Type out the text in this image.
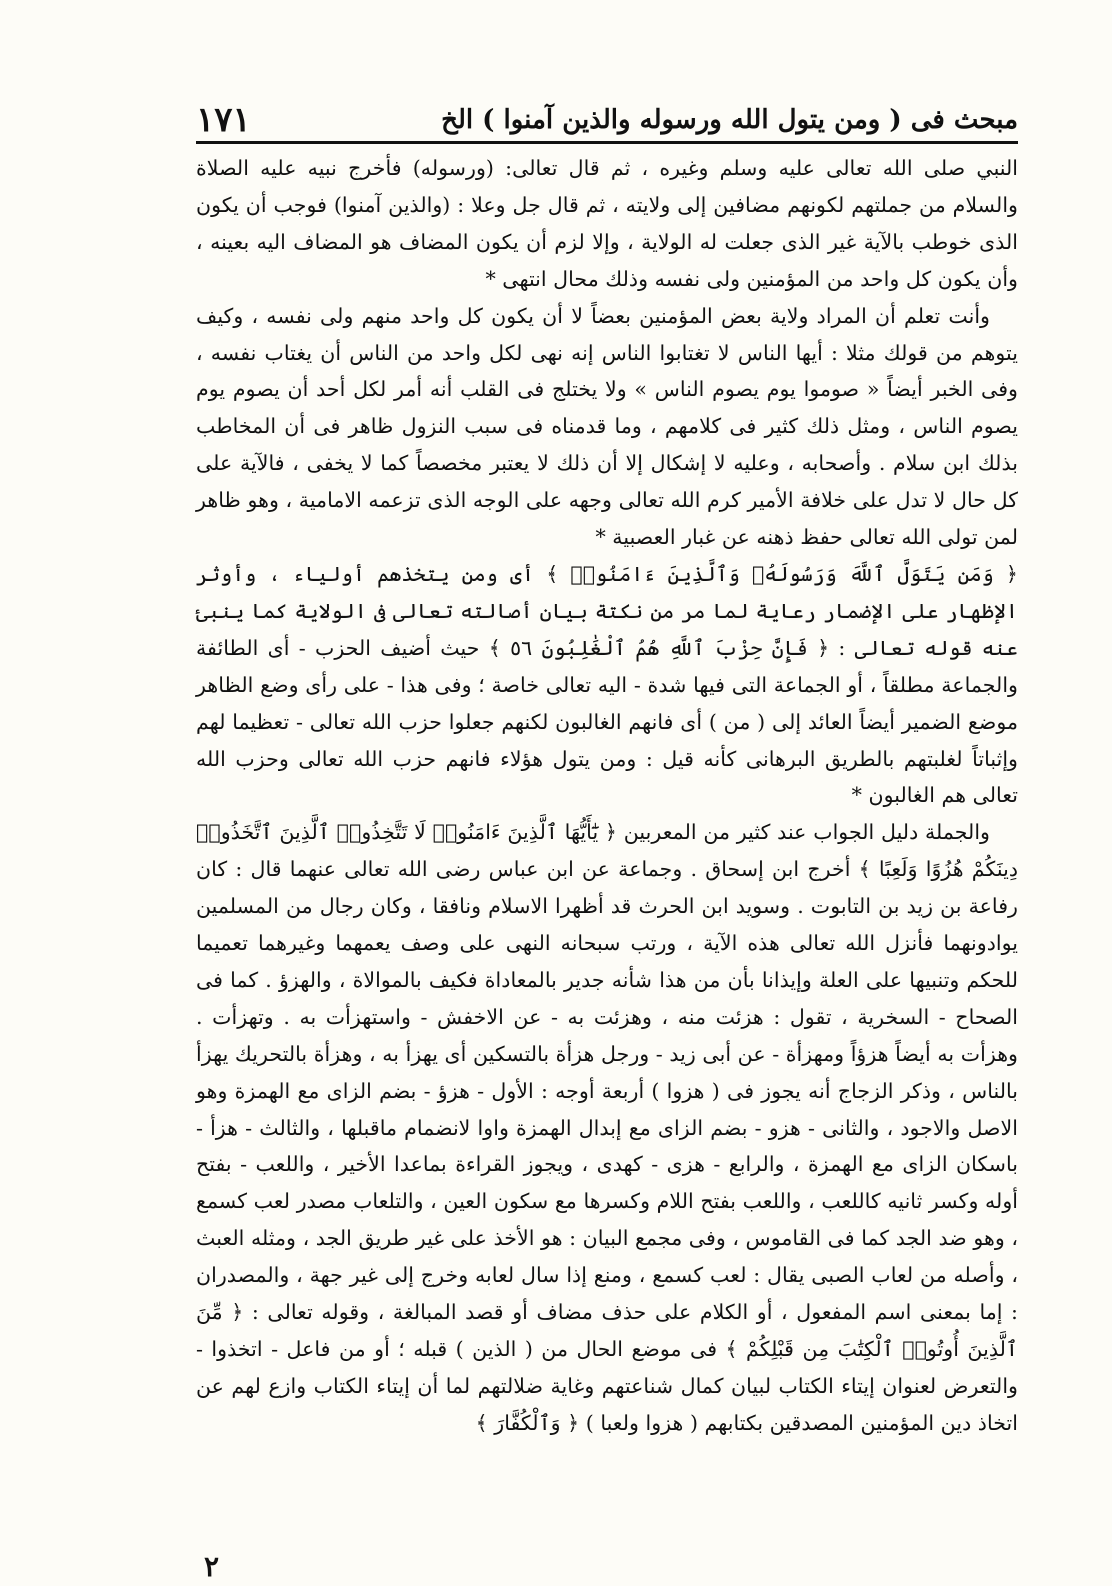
مبحث فى ( ومن يتول الله ورسوله والذين آمنوا ) الخ
١٧١

النبي صلى الله تعالى عليه وسلم وغيره ، ثم قال تعالى: (ورسوله) فأخرج نبيه عليه الصلاة والسلام من جملتهم لكونهم مضافين إلى ولايته ، ثم قال جل وعلا : (والذين آمنوا) فوجب أن يكون الذى خوطب بالآية غير الذى جعلت له الولاية ، وإلا لزم أن يكون المضاف هو المضاف اليه بعينه ، وأن يكون كل واحد من المؤمنين ولى نفسه وذلك محال انتهى *

وأنت تعلم أن المراد ولاية بعض المؤمنين بعضاً لا أن يكون كل واحد منهم ولى نفسه ، وكيف يتوهم من قولك مثلا : أيها الناس لا تغتابوا الناس إنه نهى لكل واحد من الناس أن يغتاب نفسه ، وفى الخبر أيضاً « صوموا يوم يصوم الناس » ولا يختلج فى القلب أنه أمر لكل أحد أن يصوم يوم يصوم الناس ، ومثل ذلك كثير فى كلامهم ، وما قدمناه فى سبب النزول ظاهر فى أن المخاطب بذلك ابن سلام . وأصحابه ، وعليه لا إشكال إلا أن ذلك لا يعتبر مخصصاً كما لا يخفى ، فالآية على كل حال لا تدل على خلافة الأمير كرم الله تعالى وجهه على الوجه الذى تزعمه الامامية ، وهو ظاهر لمن تولى الله تعالى حفظ ذهنه عن غبار العصبية *

﴿ وَمَن يَتَوَلَّ ٱللَّهَ وَرَسُولَهُۥ وَٱلَّذِينَ ءَامَنُوا۟ ﴾ أى ومن يتخذهم أولياء ، وأوثر الإظهار على الإضمار رعاية لما مر من نكتة بيان أصالته تعالى فى الولاية كما ينبئ عنه قوله تعالى : ﴿ فَإِنَّ حِزْبَ ٱللَّهِ هُمُ ٱلْغَٰلِبُونَ ٥٦ ﴾ حيث أضيف الحزب - أى الطائفة والجماعة مطلقاً ، أو الجماعة التى فيها شدة - اليه تعالى خاصة ؛ وفى هذا - على رأى وضع الظاهر موضع الضمير أيضاً العائد إلى ( من ) أى فانهم الغالبون لكنهم جعلوا حزب الله تعالى - تعظيما لهم وإثباتاً لغلبتهم بالطريق البرهانى كأنه قيل : ومن يتول هؤلاء فانهم حزب الله تعالى وحزب الله تعالى هم الغالبون *

والجملة دليل الجواب عند كثير من المعربين ﴿ يَٰٓأَيُّهَا ٱلَّذِينَ ءَامَنُوا۟ لَا تَتَّخِذُوا۟ ٱلَّذِينَ ٱتَّخَذُوا۟ دِينَكُمْ هُزُوًا وَلَعِبًا ﴾ أخرج ابن إسحاق . وجماعة عن ابن عباس رضى الله تعالى عنهما قال : كان رفاعة بن زيد بن التابوت . وسويد ابن الحرث قد أظهرا الاسلام ونافقا ، وكان رجال من المسلمين يوادونهما فأنزل الله تعالى هذه الآية ، ورتب سبحانه النهى على وصف يعمهما وغيرهما تعميما للحكم وتنبيها على العلة وإيذانا بأن من هذا شأنه جدير بالمعاداة فكيف بالموالاة ، والهزؤ . كما فى الصحاح - السخرية ، تقول : هزئت منه ، وهزئت به - عن الاخفش - واستهزأت به . وتهزأت . وهزأت به أيضاً هزؤاً ومهزأة - عن أبى زيد - ورجل هزأة بالتسكين أى يهزأ به ، وهزأة بالتحريك يهزأ بالناس ، وذكر الزجاج أنه يجوز فى ( هزوا ) أربعة أوجه : الأول - هزؤ - بضم الزاى مع الهمزة وهو الاصل والاجود ، والثانى - هزو - بضم الزاى مع إبدال الهمزة واوا لانضمام ماقبلها ، والثالث - هزأ - باسكان الزاى مع الهمزة ، والرابع - هزى - كهدى ، ويجوز القراءة بماعدا الأخير ، واللعب - بفتح أوله وكسر ثانيه كاللعب ، واللعب بفتح اللام وكسرها مع سكون العين ، والتلعاب مصدر لعب كسمع ، وهو ضد الجد كما فى القاموس ، وفى مجمع البيان : هو الأخذ على غير طريق الجد ، ومثله العبث ، وأصله من لعاب الصبى يقال : لعب كسمع ، ومنع إذا سال لعابه وخرج إلى غير جهة ، والمصدران : إما بمعنى اسم المفعول ، أو الكلام على حذف مضاف أو قصد المبالغة ، وقوله تعالى : ﴿ مِّنَ ٱلَّذِينَ أُوتُوا۟ ٱلْكِتَٰبَ مِن قَبْلِكُمْ ﴾ فى موضع الحال من ( الذين ) قبله ؛ أو من فاعل - اتخذوا - والتعرض لعنوان إيتاء الكتاب لبيان كمال شناعتهم وغاية ضلالتهم لما أن إيتاء الكتاب وازع لهم عن اتخاذ دين المؤمنين المصدقين بكتابهم ( هزوا ولعبا ) ﴿ وَٱلْكُفَّارَ ﴾

٢
